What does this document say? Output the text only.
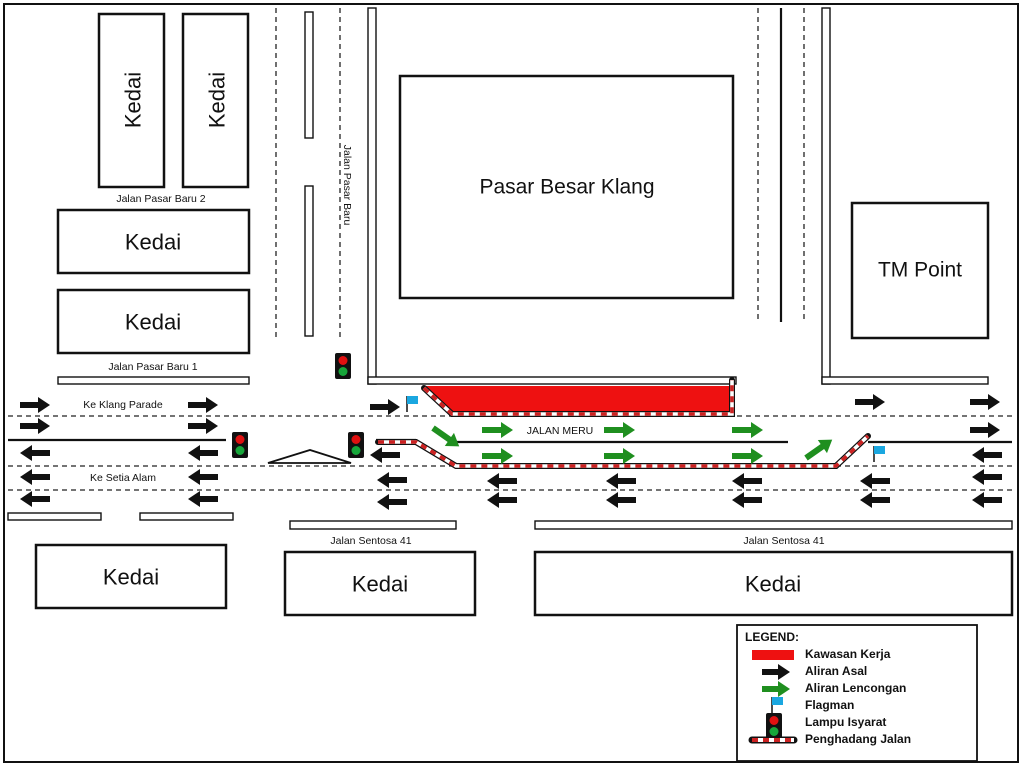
Kedai	Kedai
Kedai
Kedai
Pasar Besar Klang
TM Point
Kedai	Kedai	Kedai
Jalan Pasar Baru 2
Jalan Pasar Baru 1
Jalan Pasar Baru
Ke Klang Parade
Ke Setia Alam
JALAN MERU
Jalan Sentosa 41	Jalan Sentosa 41
LEGEND:
Kawasan Kerja
Aliran Asal
Aliran Lencongan
Flagman
Lampu Isyarat
Penghadang Jalan
